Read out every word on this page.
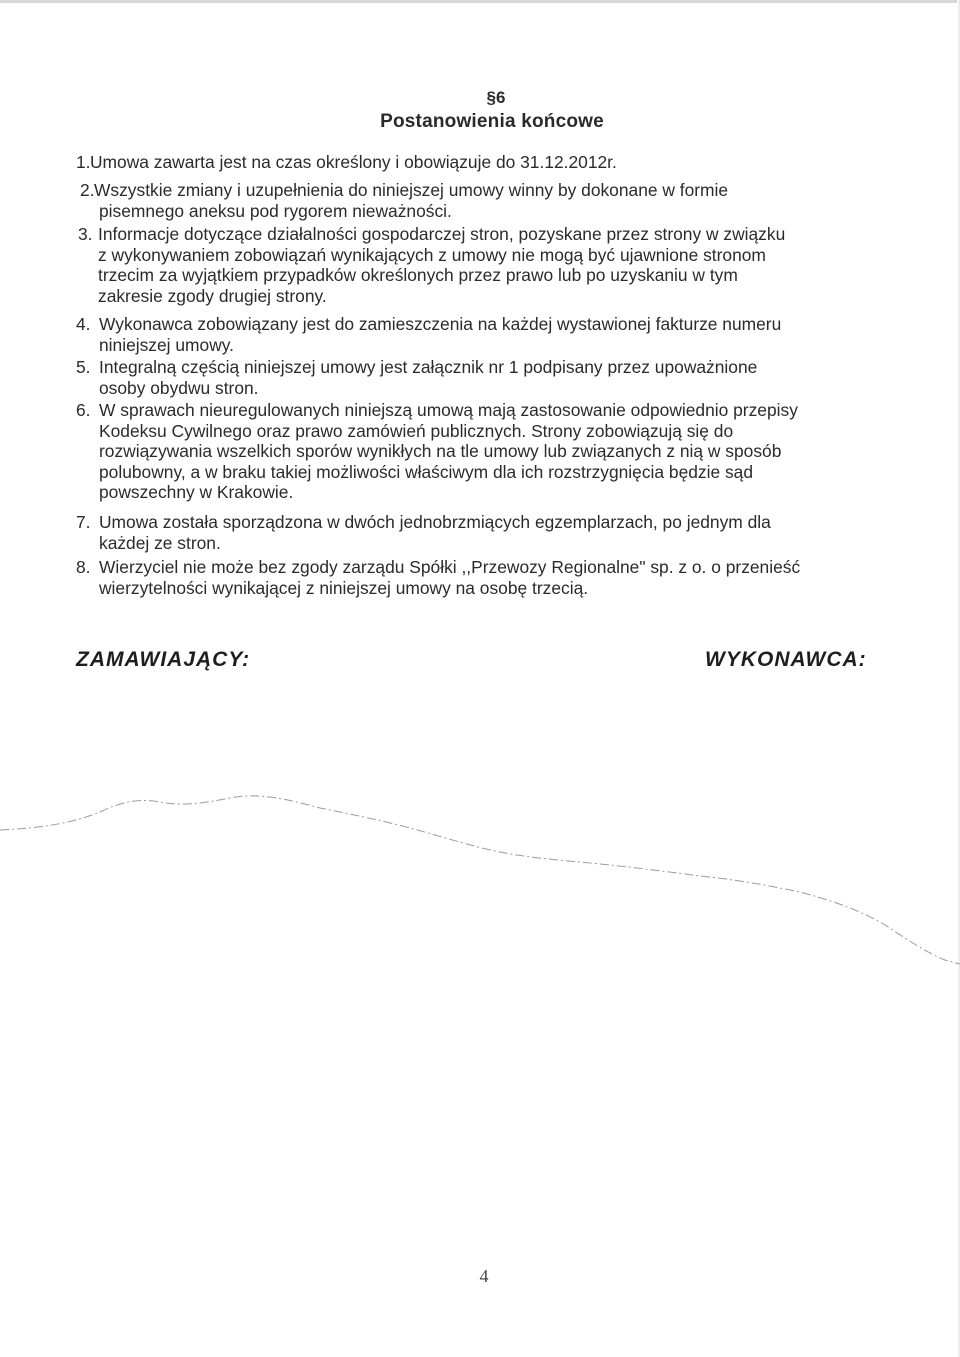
§6
Postanowienia końcowe
1. Umowa zawarta jest na czas określony i obowiązuje do 31.12.2012r.
2. Wszystkie zmiany i uzupełnienia do niniejszej umowy winny by dokonane w formie
pisemnego aneksu pod rygorem nieważności.
3. Informacje dotyczące działalności gospodarczej stron, pozyskane przez strony w związku
z wykonywaniem zobowiązań wynikających z umowy nie mogą być ujawnione stronom
trzecim za wyjątkiem przypadków określonych przez prawo lub po uzyskaniu w tym
zakresie zgody drugiej strony.
4. Wykonawca zobowiązany jest do zamieszczenia na każdej wystawionej fakturze numeru
niniejszej umowy.
5. Integralną częścią niniejszej umowy jest załącznik nr 1 podpisany przez upoważnione
osoby obydwu stron.
6. W sprawach nieuregulowanych niniejszą umową mają zastosowanie odpowiednio przepisy
Kodeksu Cywilnego oraz prawo zamówień publicznych. Strony zobowiązują się do
rozwiązywania wszelkich sporów wynikłych na tle umowy lub związanych z nią w sposób
polubowny, a w braku takiej możliwości właściwym dla ich rozstrzygnięcia będzie sąd
powszechny w Krakowie.
7. Umowa została sporządzona w dwóch jednobrzmiących egzemplarzach, po jednym dla
każdej ze stron.
8. Wierzyciel nie może bez zgody zarządu Spółki ,,Przewozy Regionalne" sp. z o. o przenieść
wierzytelności wynikającej z niniejszej umowy na osobę trzecią.
ZAMAWIAJĄCY:	WYKONAWCA:
4
